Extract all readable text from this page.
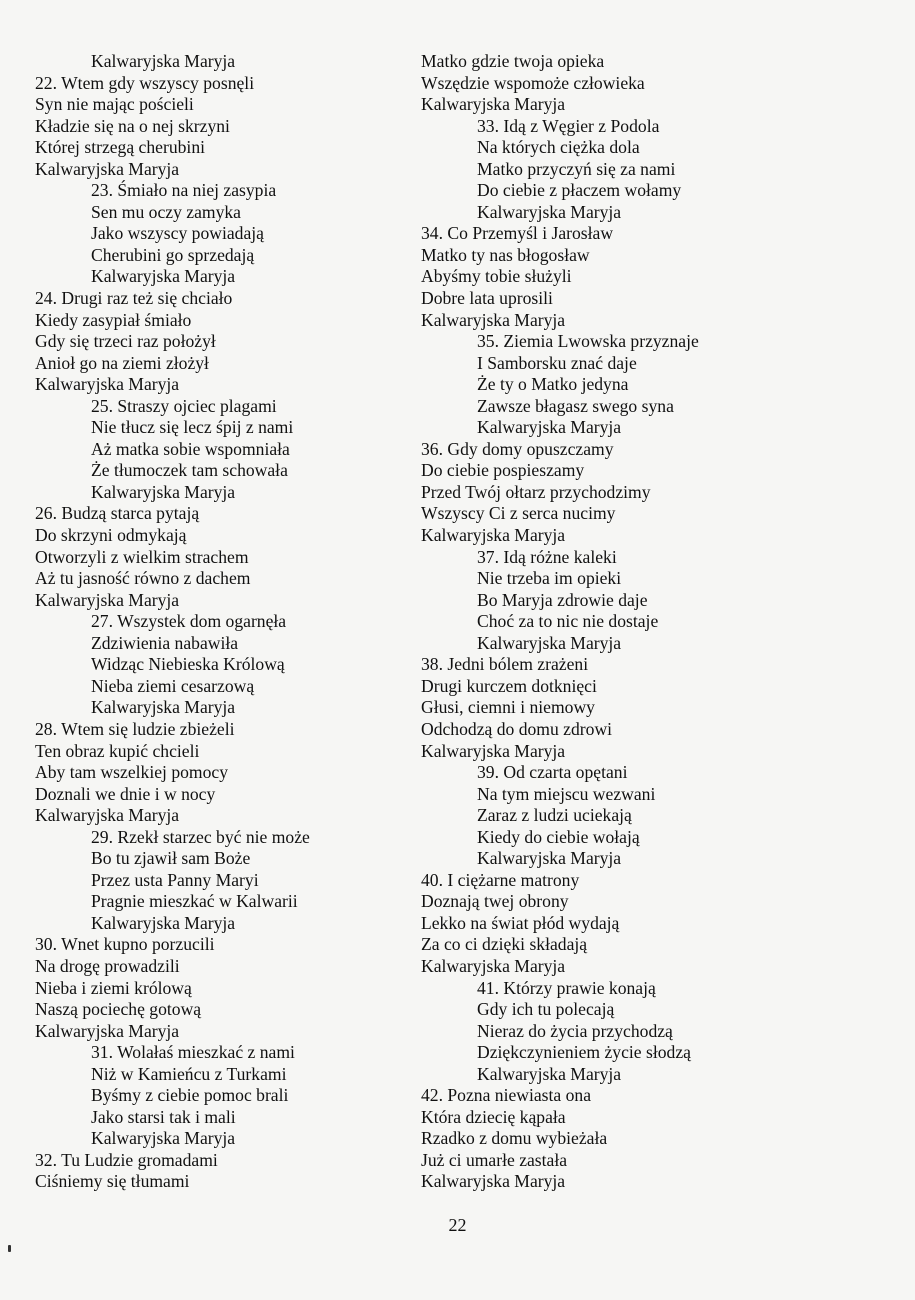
Kalwaryjska Maryja
22. Wtem gdy wszyscy posnęli
Syn nie mając pościeli
Kładzie się na o nej skrzyni
Której strzegą cherubini
Kalwaryjska Maryja
23. Śmiało na niej zasypia
Sen mu oczy zamyka
Jako wszyscy powiadają
Cherubini go sprzedają
Kalwaryjska Maryja
24. Drugi raz też się chciało
Kiedy zasypiał śmiało
Gdy się trzeci raz położył
Anioł go na ziemi złożył
Kalwaryjska Maryja
25. Straszy ojciec plagami
Nie tłucz się lecz śpij z nami
Aż matka sobie wspomniała
Że tłumoczek tam schowała
Kalwaryjska Maryja
26. Budzą starca pytają
Do skrzyni odmykają
Otworzyli z wielkim strachem
Aż tu jasność równo z dachem
Kalwaryjska Maryja
27. Wszystek dom ogarnęła
Zdziwienia nabawiła
Widząc Niebieska Królową
Nieba ziemi cesarzową
Kalwaryjska Maryja
28. Wtem się ludzie zbieżeli
Ten obraz kupić chcieli
Aby tam wszelkiej pomocy
Doznali we dnie i w nocy
Kalwaryjska Maryja
29. Rzekł starzec być nie może
Bo tu zjawił sam Boże
Przez usta Panny Maryi
Pragnie mieszkać w Kalwarii
Kalwaryjska Maryja
30. Wnet kupno porzucili
Na drogę prowadzili
Nieba i ziemi królową
Naszą pociechę gotową
Kalwaryjska Maryja
31. Wolałaś mieszkać z nami
Niż w Kamieńcu z Turkami
Byśmy z ciebie pomoc brali
Jako starsi tak i mali
Kalwaryjska Maryja
32. Tu Ludzie gromadami
Ciśniemy się tłumami
Matko gdzie twoja opieka
Wszędzie wspomoże człowieka
Kalwaryjska Maryja
33. Idą z Węgier z Podola
Na których ciężka dola
Matko przyczyń się za nami
Do ciebie z płaczem wołamy
Kalwaryjska Maryja
34. Co Przemyśl i Jarosław
Matko ty nas błogosław
Abyśmy tobie służyli
Dobre lata uprosili
Kalwaryjska Maryja
35. Ziemia Lwowska przyznaje
I Samborsku znać daje
Że ty o Matko jedyna
Zawsze błagasz swego syna
Kalwaryjska Maryja
36. Gdy domy opuszczamy
Do ciebie pospieszamy
Przed Twój ołtarz przychodzimy
Wszyscy Ci z serca nucimy
Kalwaryjska Maryja
37. Idą różne kaleki
Nie trzeba im opieki
Bo Maryja zdrowie daje
Choć za to nic nie dostaje
Kalwaryjska Maryja
38. Jedni bólem zrażeni
Drugi kurczem dotknięci
Głusi, ciemni i niemowy
Odchodzą do domu zdrowi
Kalwaryjska Maryja
39. Od czarta opętani
Na tym miejscu wezwani
Zaraz z ludzi uciekają
Kiedy do ciebie wołają
Kalwaryjska Maryja
40. I ciężarne matrony
Doznają twej obrony
Lekko na świat płód wydają
Za co ci dzięki składają
Kalwaryjska Maryja
41. Którzy prawie konają
Gdy ich tu polecają
Nieraz do życia przychodzą
Dziękczynieniem życie słodzą
Kalwaryjska Maryja
42. Pozna niewiasta ona
Która dziecię kąpała
Rzadko z domu wybieżała
Już ci umarłe zastała
Kalwaryjska Maryja
22
